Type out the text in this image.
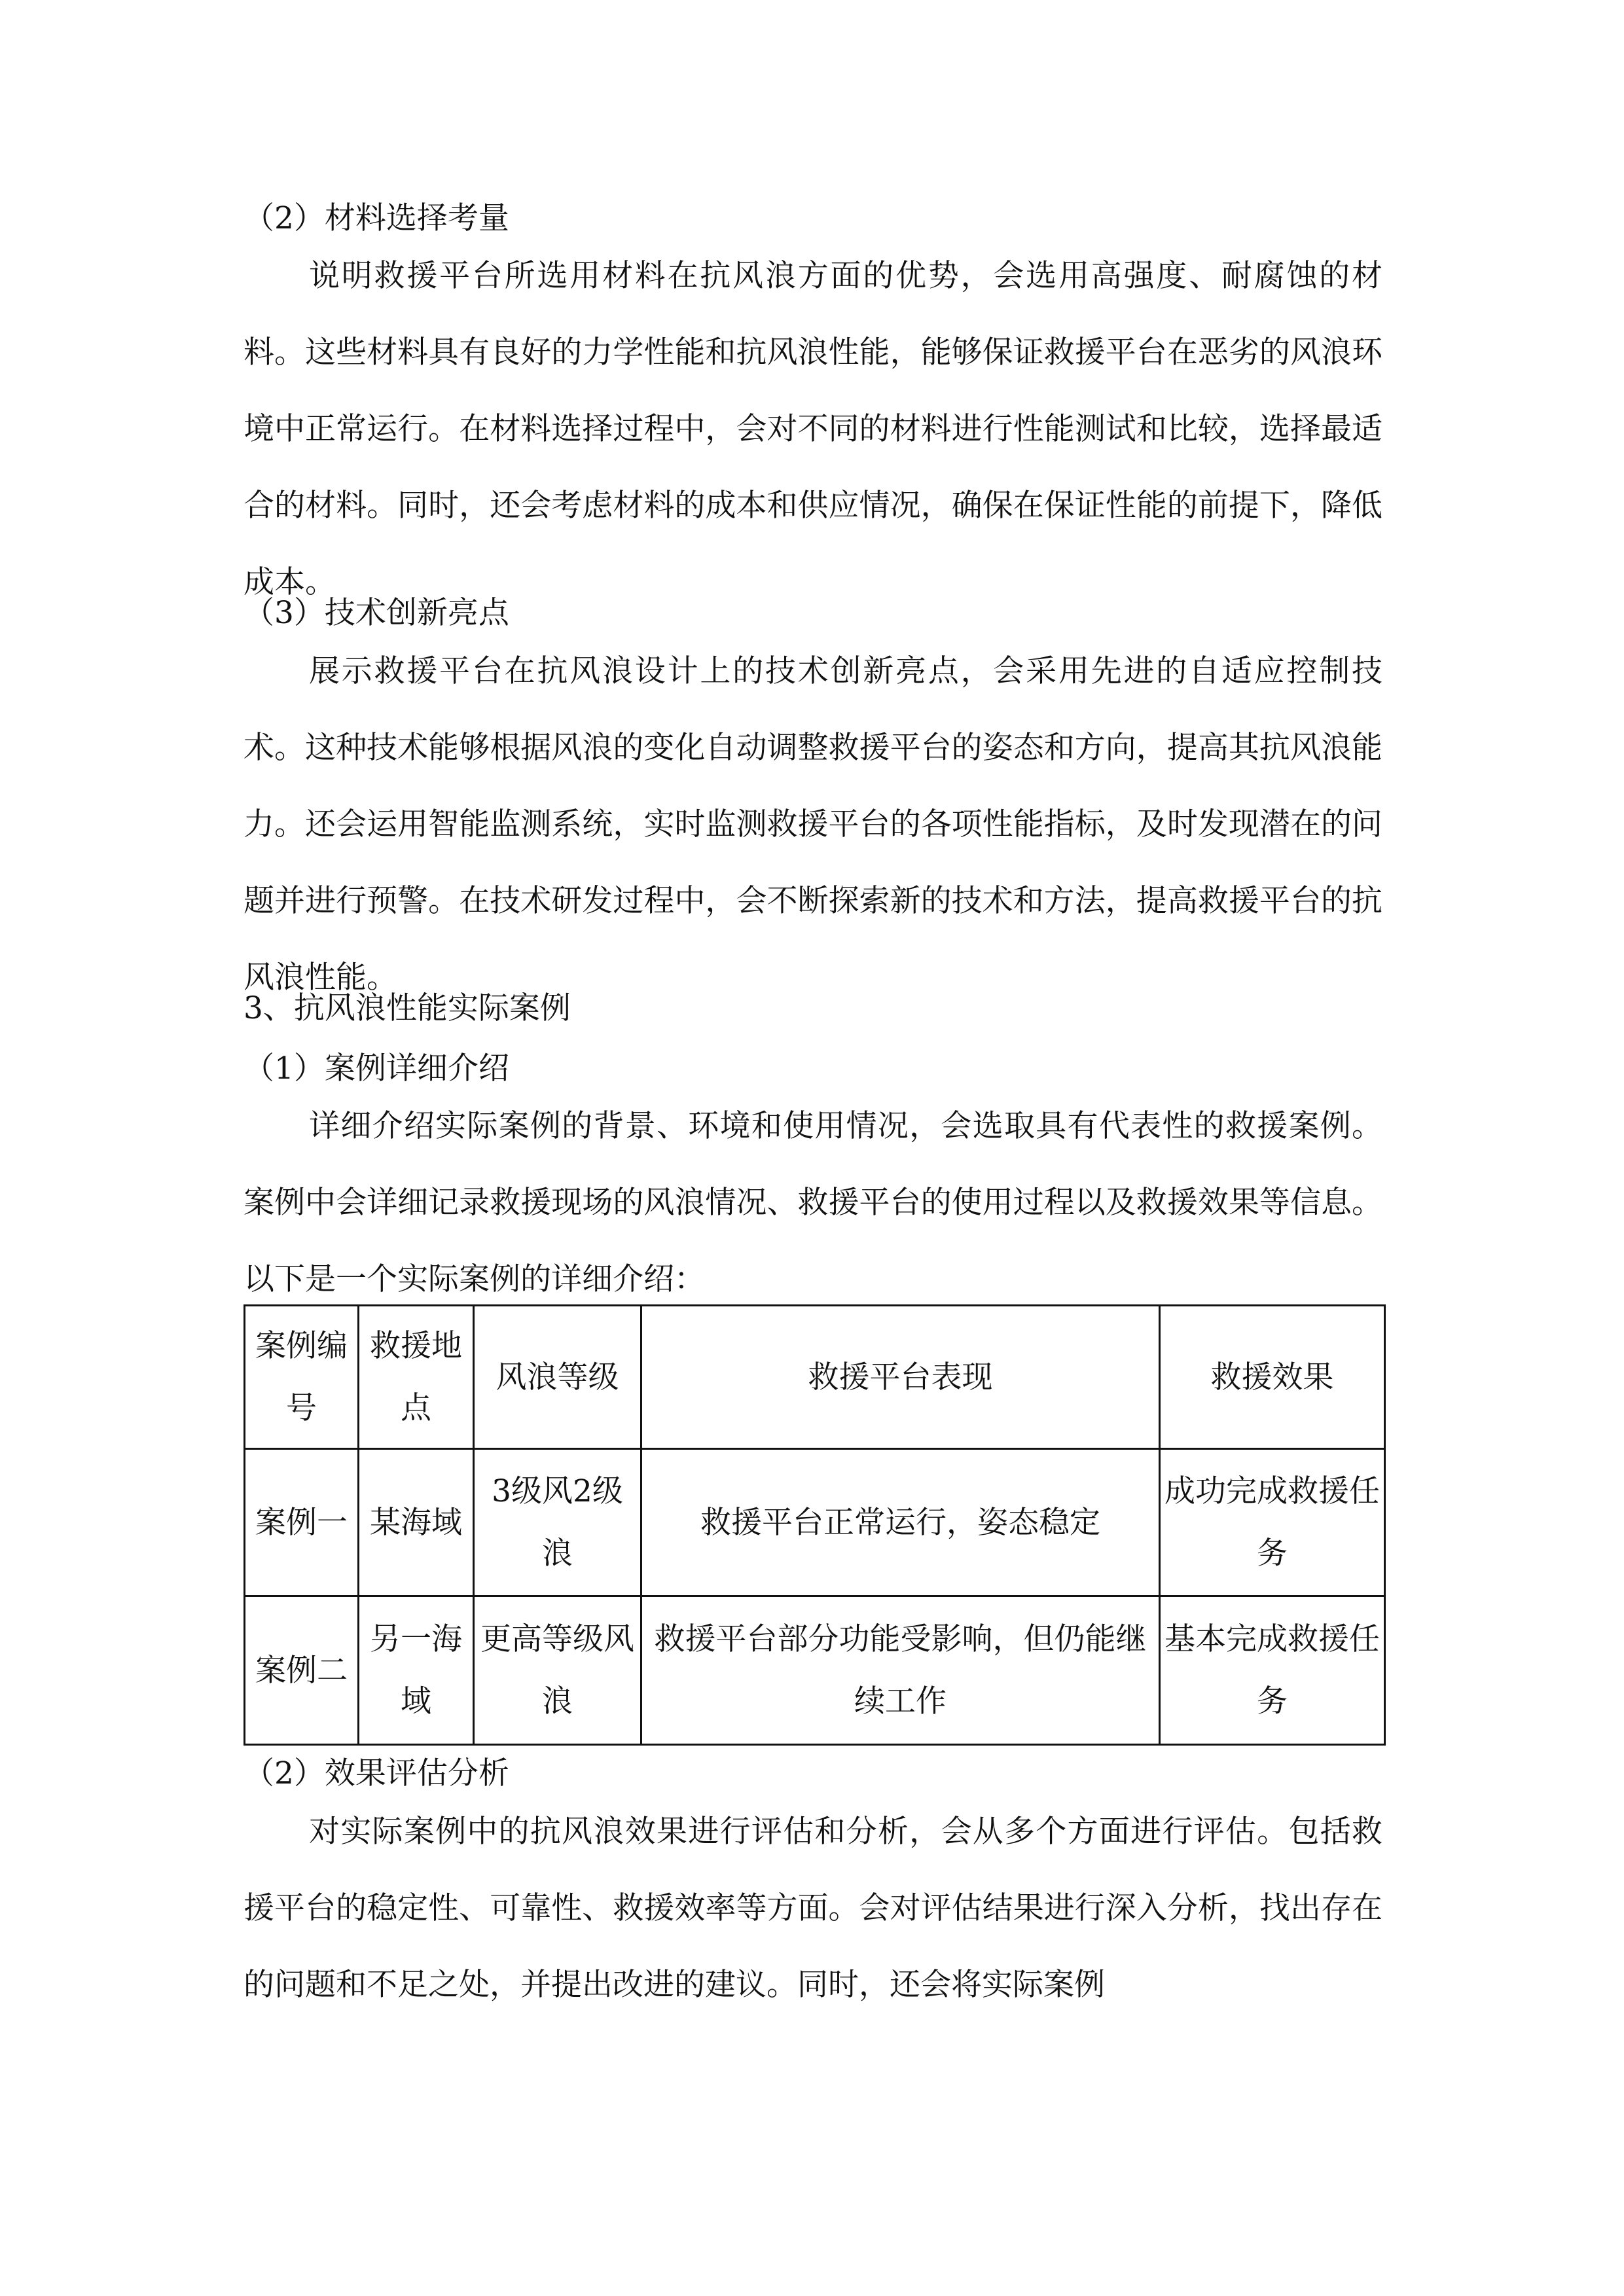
（2）材料选择考量

说明救援平台所选用材料在抗风浪方面的优势，会选用高强度、耐腐蚀的材料。这些材料具有良好的力学性能和抗风浪性能，能够保证救援平台在恶劣的风浪环境中正常运行。在材料选择过程中，会对不同的材料进行性能测试和比较，选择最适合的材料。同时，还会考虑材料的成本和供应情况，确保在保证性能的前提下，降低成本。

（3）技术创新亮点

展示救援平台在抗风浪设计上的技术创新亮点，会采用先进的自适应控制技术。这种技术能够根据风浪的变化自动调整救援平台的姿态和方向，提高其抗风浪能力。还会运用智能监测系统，实时监测救援平台的各项性能指标，及时发现潜在的问题并进行预警。在技术研发过程中，会不断探索新的技术和方法，提高救援平台的抗风浪性能。

3、抗风浪性能实际案例
（1）案例详细介绍

详细介绍实际案例的背景、环境和使用情况，会选取具有代表性的救援案例。案例中会详细记录救援现场的风浪情况、救援平台的使用过程以及救援效果等信息。以下是一个实际案例的详细介绍：

案例编号	救援地点	风浪等级	救援平台表现	救援效果
案例一	某海域	3级风2级浪	救援平台正常运行，姿态稳定	成功完成救援任务
案例二	另一海域	更高等级风浪	救援平台部分功能受影响，但仍能继续工作	基本完成救援任务
（2）效果评估分析

对实际案例中的抗风浪效果进行评估和分析，会从多个方面进行评估。包括救援平台的稳定性、可靠性、救援效率等方面。会对评估结果进行深入分析，找出存在的问题和不足之处，并提出改进的建议。同时，还会将实际案例
